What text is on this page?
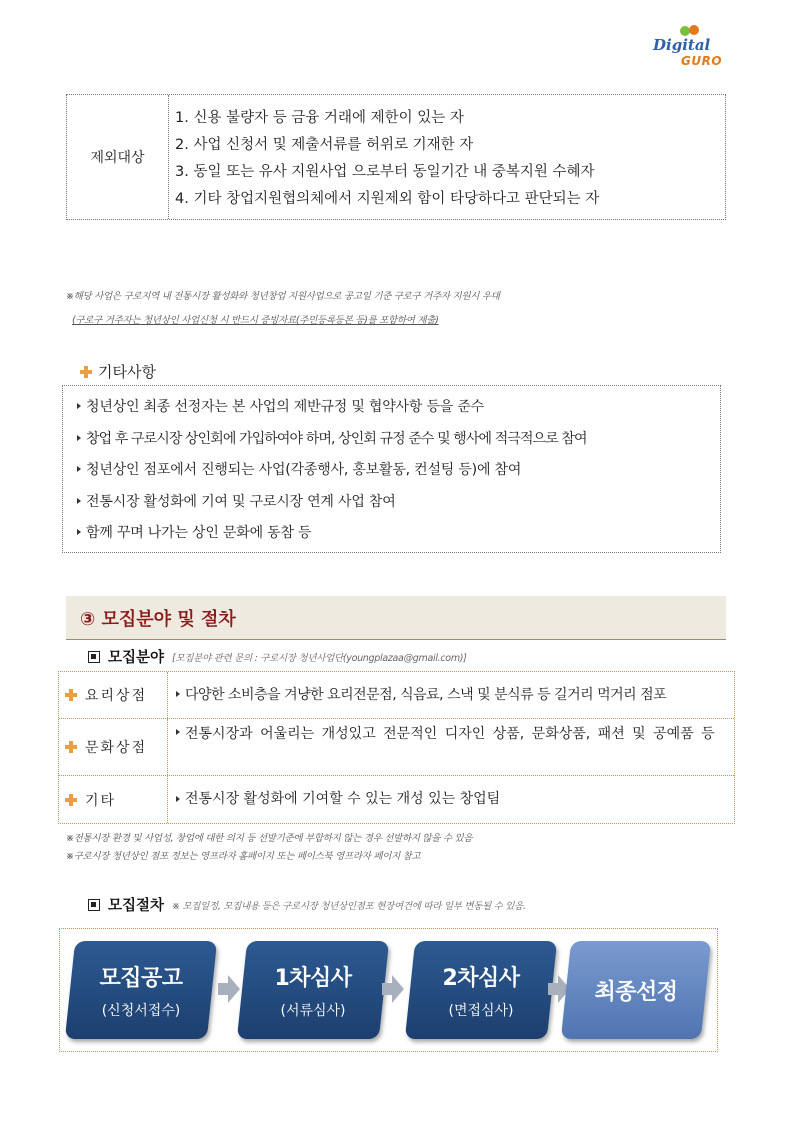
Digital
GURO
제외대상
1. 신용 불량자 등 금융 거래에 제한이 있는 자
2. 사업 신청서 및 제출서류를 허위로 기재한 자
3. 동일 또는 유사 지원사업 으로부터 동일기간 내 중복지원 수혜자
4. 기타 창업지원협의체에서 지원제외 함이 타당하다고 판단되는 자
※해당 사업은 구로지역 내 전통시장 활성화와 청년창업 지원사업으로 공고일 기준 구로구 거주자 지원시 우대
(구로구 거주자는 청년상인 사업신청 시 반드시 증빙자료(주민등록등본 등)를 포함하여 제출)
기타사항
청년상인 최종 선정자는 본 사업의 제반규정 및 협약사항 등을 준수
창업 후 구로시장 상인회에 가입하여야 하며, 상인회 규정 준수 및 행사에 적극적으로 참여
청년상인 점포에서 진행되는 사업(각종행사, 홍보활동, 컨설팅 등)에 참여
전통시장 활성화에 기여 및 구로시장 연계 사업 참여
함께 꾸며 나가는 상인 문화에 동참 등
③ 모집분야 및 절차
모집분야 [모집분야 관련 문의 : 구로시장 청년사업단(youngplazaa@gmail.com)]
요리상점	다양한 소비층을 겨냥한 요리전문점, 식음료, 스낵 및 분식류 등 길거리 먹거리 점포
문화상점
전통시장과 어울리는 개성있고 전문적인 디자인 상품, 문화상품, 패션 및 공예품 등
기타	전통시장 활성화에 기여할 수 있는 개성 있는 창업팀
※전통시장 환경 및 사업성, 창업에 대한 의지 등 선발기준에 부합하지 않는 경우 선발하지 않을 수 있음
※구로시장 청년상인 점포 정보는 영프라자 홈페이지 또는 페이스북 영프라자 페이지 참고
모집절차 ※ 모집일정, 모집내용 등은 구로시장 청년상인점포 현장여건에 따라 일부 변동될 수 있음.
모집공고
(신청서접수)
1차심사
(서류심사)
2차심사
(면접심사)
최종선정
